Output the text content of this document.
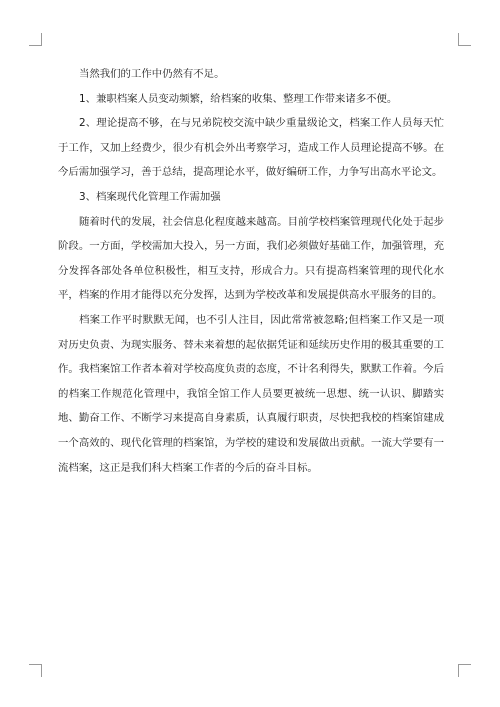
当然我们的工作中仍然有不足。

1、兼职档案人员变动频繁，给档案的收集、整理工作带来诸多不便。

2、理论提高不够，在与兄弟院校交流中缺少重量级论文，档案工作人员每天忙于工作，又加上经费少，很少有机会外出考察学习，造成工作人员理论提高不够。在今后需加强学习，善于总结，提高理论水平，做好编研工作，力争写出高水平论文。

3、档案现代化管理工作需加强

随着时代的发展，社会信息化程度越来越高。目前学校档案管理现代化处于起步阶段。一方面，学校需加大投入，另一方面，我们必须做好基础工作，加强管理，充分发挥各部处各单位积极性，相互支持，形成合力。只有提高档案管理的现代化水平，档案的作用才能得以充分发挥，达到为学校改革和发展提供高水平服务的目的。

档案工作平时默默无闻，也不引人注目，因此常常被忽略;但档案工作又是一项对历史负责、为现实服务、替未来着想的起依据凭证和延续历史作用的极其重要的工作。我档案馆工作者本着对学校高度负责的态度，不计名利得失，默默工作着。今后的档案工作规范化管理中，我馆全馆工作人员要更被统一思想、统一认识、脚踏实地、勤奋工作、不断学习来提高自身素质，认真履行职责，尽快把我校的档案馆建成一个高效的、现代化管理的档案馆，为学校的建设和发展做出贡献。一流大学要有一流档案，这正是我们科大档案工作者的今后的奋斗目标。
